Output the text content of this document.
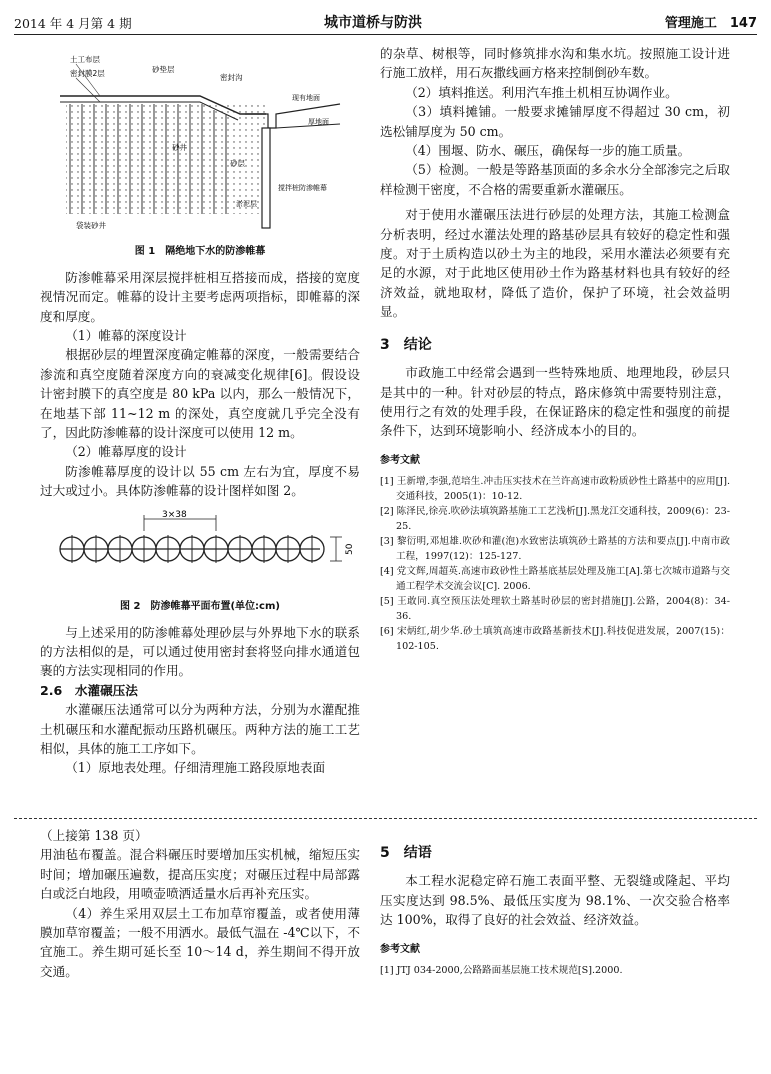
2014 年 4 月第 4 期	城市道桥与防洪	管理施工　147
土工布层
密封膜2层	砂垫层
密封沟
现有地面
厚地面
砂层
搅拌桩防渗帷幕
淤泥层
袋装砂井
砂井
图 1　隔绝地下水的防渗帷幕

防渗帷幕采用深层搅拌桩相互搭接而成，搭接的宽度视情况而定。帷幕的设计主要考虑两项指标，即帷幕的深度和厚度。

（1）帷幕的深度设计

根据砂层的埋置深度确定帷幕的深度，一般需要结合渗流和真空度随着深度方向的衰减变化规律[6]。假设设计密封膜下的真空度是 80 kPa 以内，那么一般情况下，在地基下部 11~12 m 的深处，真空度就几乎完全没有了，因此防渗帷幕的设计深度可以使用 12 m。

（2）帷幕厚度的设计

防渗帷幕厚度的设计以 55 cm 左右为宜，厚度不易过大或过小。具体防渗帷幕的设计图样如图 2。

3×38
50
图 2　防渗帷幕平面布置(单位:cm)

与上述采用的防渗帷幕处理砂层与外界地下水的联系的方法相似的是，可以通过使用密封套将竖向排水通道包裹的方法实现相同的作用。

2.6　水灌碾压法

水灌碾压法通常可以分为两种方法，分别为水灌配推土机碾压和水灌配振动压路机碾压。两种方法的施工工艺相似，具体的施工工序如下。

（1）原地表处理。仔细清理施工路段原地表面

的杂草、树根等，同时修筑排水沟和集水坑。按照施工设计进行施工放样，用石灰撒线画方格来控制倒砂车数。

（2）填料推送。利用汽车推土机相互协调作业。

（3）填料摊铺。一般要求摊铺厚度不得超过 30 cm，初选松铺厚度为 50 cm。

（4）围堰、防水、碾压，确保每一步的施工质量。

（5）检测。一般是等路基顶面的多余水分全部渗完之后取样检测干密度，不合格的需要重新水灌碾压。

对于使用水灌碾压法进行砂层的处理方法，其施工检测盒分析表明，经过水灌法处理的路基砂层具有较好的稳定性和强度。对于土质构造以砂土为主的地段，采用水灌法必须要有充足的水源，对于此地区使用砂土作为路基材料也具有较好的经济效益，就地取材，降低了造价，保护了环境，社会效益明显。

3　结论

市政施工中经常会遇到一些特殊地质、地理地段，砂层只是其中的一种。针对砂层的特点，路床修筑中需要特别注意，使用行之有效的处理手段，在保证路床的稳定性和强度的前提条件下，达到环境影响小、经济成本小的目的。

参考文献
[1] 王新增,李强,范培生.冲击压实技术在兰许高速市政粉质砂性土路基中的应用[J].交通科技，2005(1)：10-12.
[2] 陈泽民,徐亮.吹砂法填筑路基施工工艺浅析[J].黑龙江交通科技，2009(6)：23-25.
[3] 黎衍明,邓旭雄.吹砂和灌(泡)水致密法填筑砂土路基的方法和要点[J].中南市政工程，1997(12)：125-127.
[4] 党文辉,周超英.高速市政砂性土路基底基层处理及施工[A].第七次城市道路与交通工程学术交流会议[C]. 2006.
[5] 王敢同.真空预压法处理软土路基时砂层的密封措施[J].公路，2004(8)：34-36.
[6] 宋炳红,胡少华.砂土填筑高速市政路基新技术[J].科技促进发展，2007(15)：102-105.

（上接第 138 页）

用油毡布覆盖。混合料碾压时要增加压实机械，缩短压实时间；增加碾压遍数，提高压实度；对碾压过程中局部露白或泛白地段，用喷壶喷洒适量水后再补充压实。

（4）养生采用双层土工布加草帘覆盖，或者使用薄膜加草帘覆盖；一般不用洒水。最低气温在 -4℃以下，不宜施工。养生期可延长至 10～14 d，养生期间不得开放交通。

5　结语

本工程水泥稳定碎石施工表面平整、无裂缝或隆起、平均压实度达到 98.5%、最低压实度为 98.1%、一次交验合格率达 100%，取得了良好的社会效益、经济效益。

参考文献
[1] JTJ 034-2000,公路路面基层施工技术规范[S].2000.
